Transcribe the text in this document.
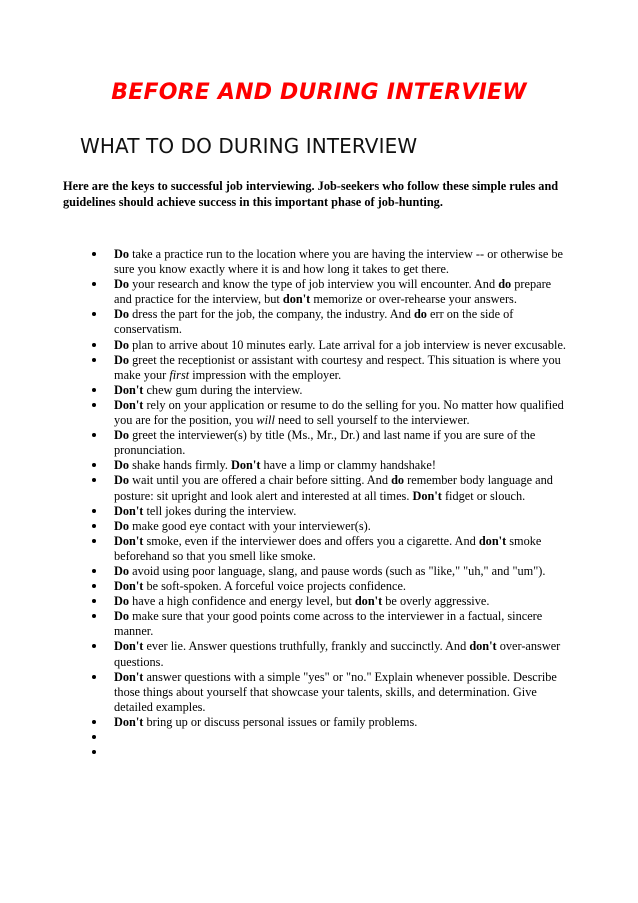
BEFORE AND DURING INTERVIEW
WHAT TO DO DURING INTERVIEW

Here are the keys to successful job interviewing. Job-seekers who follow these simple rules and guidelines should achieve success in this important phase of job-hunting.

Do take a practice run to the location where you are having the interview -- or otherwise be sure you know exactly where it is and how long it takes to get there.
Do your research and know the type of job interview you will encounter. And do prepare and practice for the interview, but don't memorize or over-rehearse your answers.
Do dress the part for the job, the company, the industry. And do err on the side of conservatism.
Do plan to arrive about 10 minutes early. Late arrival for a job interview is never excusable.
Do greet the receptionist or assistant with courtesy and respect. This situation is where you make your first impression with the employer.
Don't chew gum during the interview.
Don't rely on your application or resume to do the selling for you. No matter how qualified you are for the position, you will need to sell yourself to the interviewer.
Do greet the interviewer(s) by title (Ms., Mr., Dr.) and last name if you are sure of the pronunciation.
Do shake hands firmly. Don't have a limp or clammy handshake!
Do wait until you are offered a chair before sitting. And do remember body language and posture: sit upright and look alert and interested at all times. Don't fidget or slouch.
Don't tell jokes during the interview.
Do make good eye contact with your interviewer(s).
Don't smoke, even if the interviewer does and offers you a cigarette. And don't smoke beforehand so that you smell like smoke.
Do avoid using poor language, slang, and pause words (such as "like," "uh," and "um").
Don't be soft-spoken. A forceful voice projects confidence.
Do have a high confidence and energy level, but don't be overly aggressive.
Do make sure that your good points come across to the interviewer in a factual, sincere manner.
Don't ever lie. Answer questions truthfully, frankly and succinctly. And don't over-answer questions.
Don't answer questions with a simple "yes" or "no." Explain whenever possible. Describe those things about yourself that showcase your talents, skills, and determination. Give detailed examples.
Don't bring up or discuss personal issues or family problems.
